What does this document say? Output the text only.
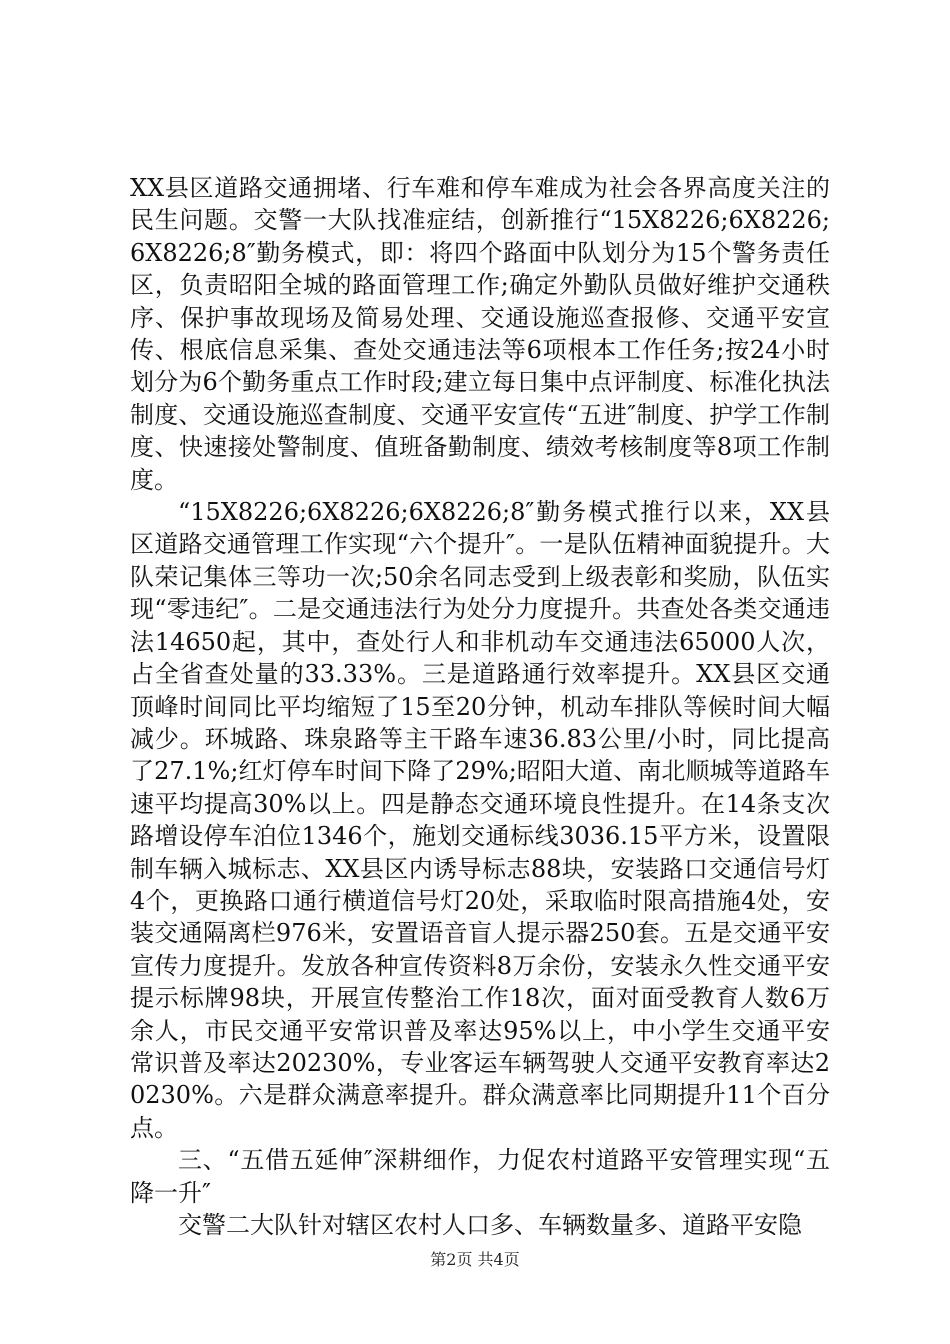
XX县区道路交通拥堵、行车难和停车难成为社会各界高度关注的民生问题。交警一大队找准症结，创新推行“15X8226;6X8226;6X8226;8″勤务模式，即：将四个路面中队划分为15个警务责任区，负责昭阳全城的路面管理工作;确定外勤队员做好维护交通秩序、保护事故现场及简易处理、交通设施巡查报修、交通平安宣传、根底信息采集、查处交通违法等6项根本工作任务;按24小时划分为6个勤务重点工作时段;建立每日集中点评制度、标准化执法制度、交通设施巡查制度、交通平安宣传“五进″制度、护学工作制度、快速接处警制度、值班备勤制度、绩效考核制度等8项工作制度。

“15X8226;6X8226;6X8226;8″勤务模式推行以来，XX县区道路交通管理工作实现“六个提升″。一是队伍精神面貌提升。大队荣记集体三等功一次;50余名同志受到上级表彰和奖励，队伍实现“零违纪″。二是交通违法行为处分力度提升。共查处各类交通违法14650起，其中，查处行人和非机动车交通违法65000人次，占全省查处量的33.33%。三是道路通行效率提升。XX县区交通顶峰时间同比平均缩短了15至20分钟，机动车排队等候时间大幅减少。环城路、珠泉路等主干路车速36.83公里/小时，同比提高了27.1%;红灯停车时间下降了29%;昭阳大道、南北顺城等道路车速平均提高30%以上。四是静态交通环境良性提升。在14条支次路增设停车泊位1346个，施划交通标线3036.15平方米，设置限制车辆入城标志、XX县区内诱导标志88块，安装路口交通信号灯4个，更换路口通行横道信号灯20处，采取临时限高措施4处，安装交通隔离栏976米，安置语音盲人提示器250套。五是交通平安宣传力度提升。发放各种宣传资料8万余份，安装永久性交通平安提示标牌98块，开展宣传整治工作18次，面对面受教育人数6万余人，市民交通平安常识普及率达95%以上，中小学生交通平安常识普及率达20230%，专业客运车辆驾驶人交通平安教育率达20230%。六是群众满意率提升。群众满意率比同期提升11个百分点。

三、“五借五延伸″深耕细作，力促农村道路平安管理实现“五降一升″

交警二大队针对辖区农村人口多、车辆数量多、道路平安隐

第2页 共4页
